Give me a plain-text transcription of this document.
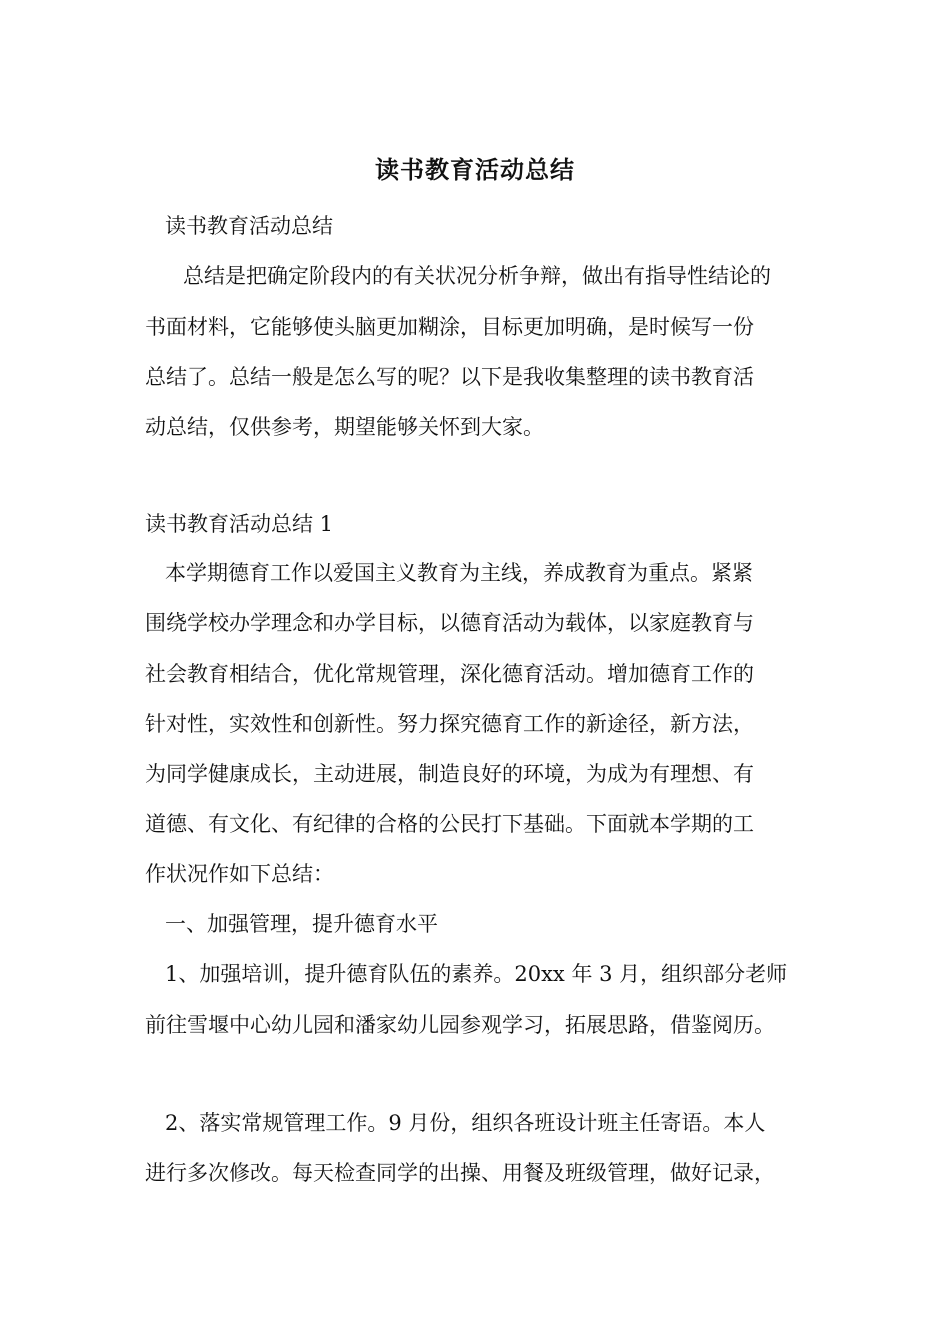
读书教育活动总结
读书教育活动总结
总结是把确定阶段内的有关状况分析争辩，做出有指导性结论的
书面材料，它能够使头脑更加糊涂，目标更加明确，是时候写一份
总结了。总结一般是怎么写的呢？以下是我收集整理的读书教育活
动总结，仅供参考，期望能够关怀到大家。
读书教育活动总结 1
本学期德育工作以爱国主义教育为主线，养成教育为重点。紧紧
围绕学校办学理念和办学目标，以德育活动为载体，以家庭教育与
社会教育相结合，优化常规管理，深化德育活动。增加德育工作的
针对性，实效性和创新性。努力探究德育工作的新途径，新方法，
为同学健康成长，主动进展，制造良好的环境，为成为有理想、有
道德、有文化、有纪律的合格的公民打下基础。下面就本学期的工
作状况作如下总结：
一、加强管理，提升德育水平
1、加强培训，提升德育队伍的素养。20xx 年 3 月，组织部分老师
前往雪堰中心幼儿园和潘家幼儿园参观学习，拓展思路，借鉴阅历。
2、落实常规管理工作。9 月份，组织各班设计班主任寄语。本人
进行多次修改。每天检查同学的出操、用餐及班级管理，做好记录，
